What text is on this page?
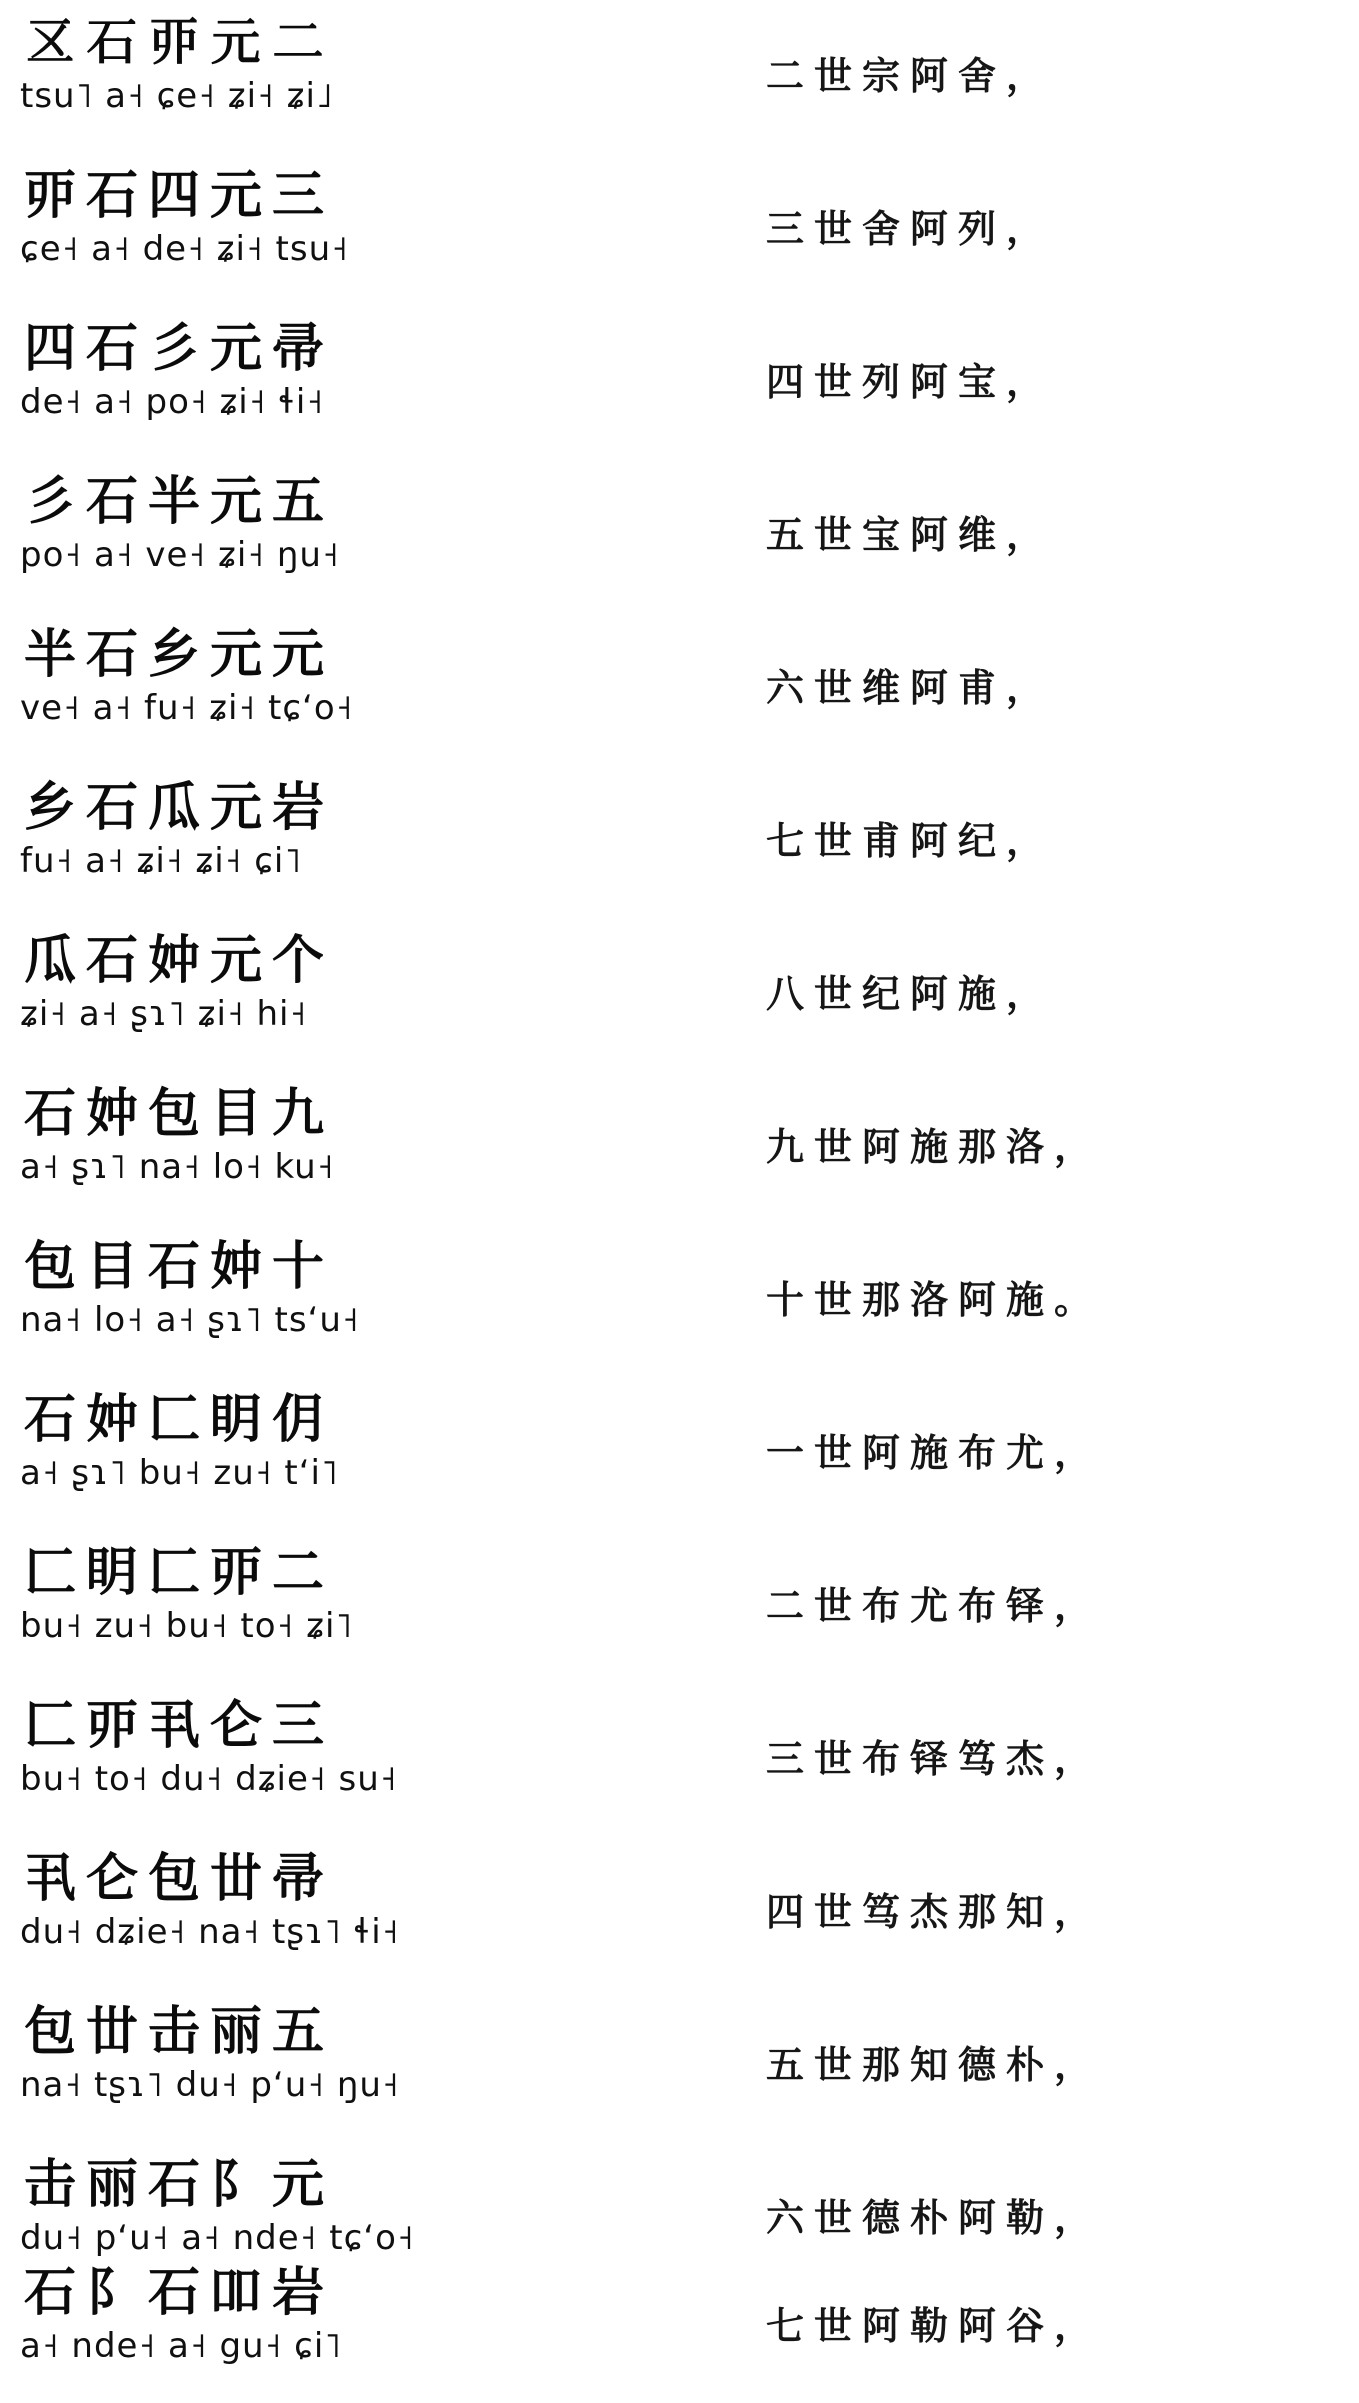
𠄡石丣元二
tsu˥ a˧ ɕe˧ ʑi˧ ʑi˩	二世宗阿舍，
丣石四元三
ɕe˧ a˧ de˧ ʑi˧ tsu˧	三世舍阿列，
四石彡元帚
de˧ a˧ po˧ ʑi˧ ɬi˧	四世列阿宝，
彡石半元五
po˧ a˧ ve˧ ʑi˧ ŋu˧	五世宝阿维，
半石乡元元
ve˧ a˧ fu˧ ʑi˧ tɕʻo˧	六世维阿甫，
乡石瓜元岩
fu˧ a˧ ʑi˧ ʑi˧ ɕi˥	七世甫阿纪，
瓜石妕元个
ʑi˧ a˧ ʂɿ˥ ʑi˧ hi˧	八世纪阿施，
石妕包目九
a˧ ʂɿ˥ na˧ lo˧ ku˧	九世阿施那洛，
包目石妕十
na˧ lo˧ a˧ ʂɿ˥ tsʻu˧	十世那洛阿施。
石妕匚眀仴
a˧ ʂɿ˥ bu˧ zu˧ tʻi˥	一世阿施布尤，
匚眀匚丣二
bu˧ zu˧ bu˧ to˧ ʑi˥	二世布尤布铎，
匚丣丮仑三
bu˧ to˧ du˧ dʑie˧ su˧	三世布铎笃杰，
丮仑包丗帚
du˧ dʑie˧ na˧ tʂɿ˥ ɬi˧	四世笃杰那知，
包丗击丽五
na˧ tʂɿ˥ du˧ pʻu˧ ŋu˧	五世那知德朴，
击丽石阝元
du˧ pʻu˧ a˧ nde˧ tɕʻo˧	六世德朴阿勒，
石阝石吅岩
a˧ nde˧ a˧ gu˧ ɕi˥	七世阿勒阿谷，
